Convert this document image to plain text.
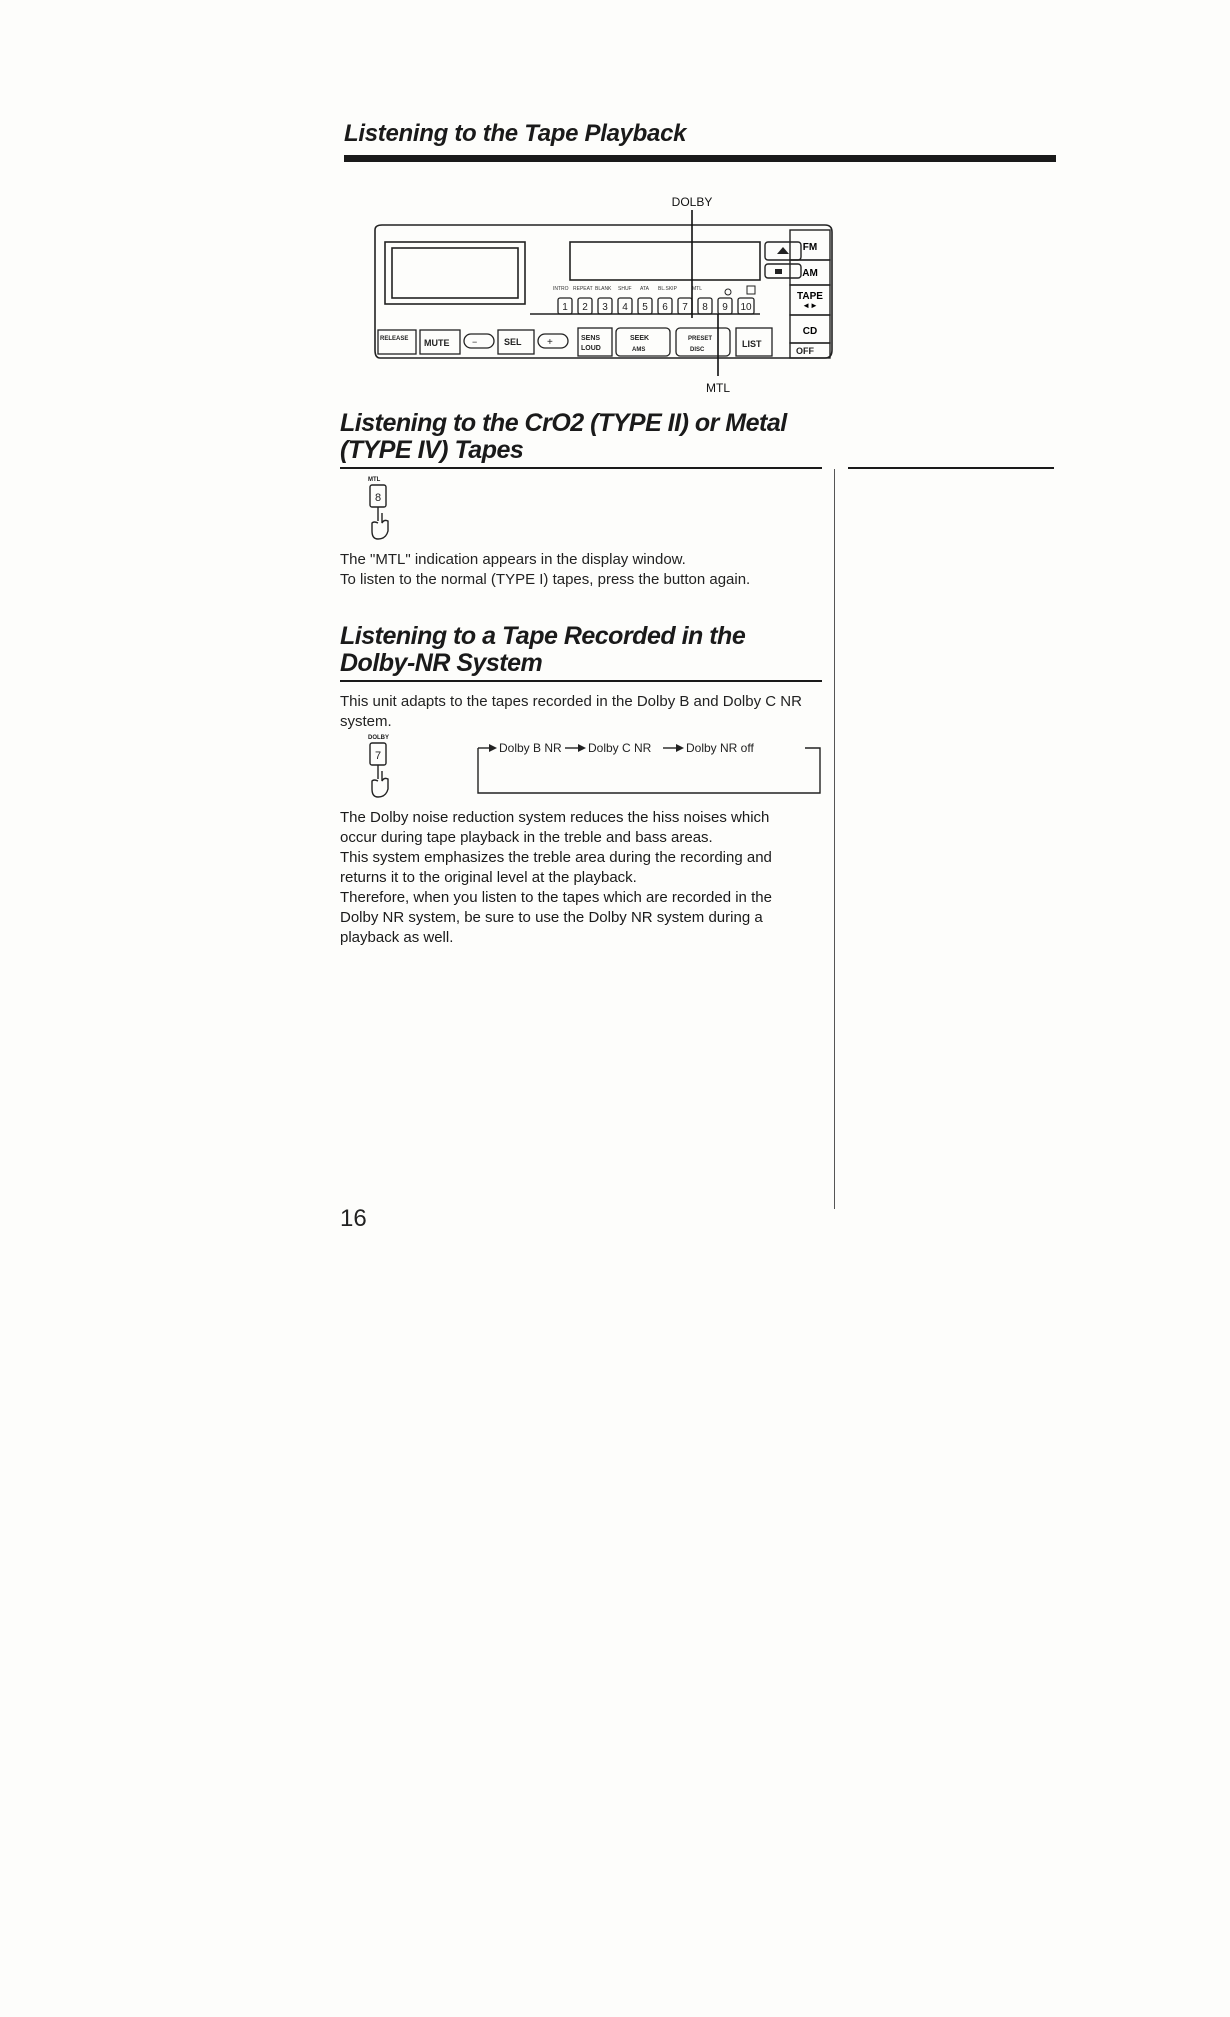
Listening to the Tape Playback
FM
AM
TAPE
◄►
CD
INTRO REPEAT BLANK SHUF ATA BL.SKIP	MTL
1 2 3 4 5 6 7 8 9 10
RELEASE MUTE	SEL	SENS
LOUD
SEEK
AMS
PRESET
DISC
LIST
OFF
−	+
DOLBY
MTL
Listening to the CrO2 (TYPE II) or Metal (TYPE IV) Tapes
MTL
8
The "MTL" indication appears in the display window.
To listen to the normal (TYPE I) tapes, press the button again.
Listening to a Tape Recorded in the Dolby-NR System
This unit adapts to the tapes recorded in the Dolby B and Dolby C NR system.
DOLBY
7
Dolby B NR Dolby C NR	Dolby NR off
The Dolby noise reduction system reduces the hiss noises which occur during tape playback in the treble and bass areas.
This system emphasizes the treble area during the recording and returns it to the original level at the playback.
Therefore, when you listen to the tapes which are recorded in the Dolby NR system, be sure to use the Dolby NR system during a playback as well.
16
